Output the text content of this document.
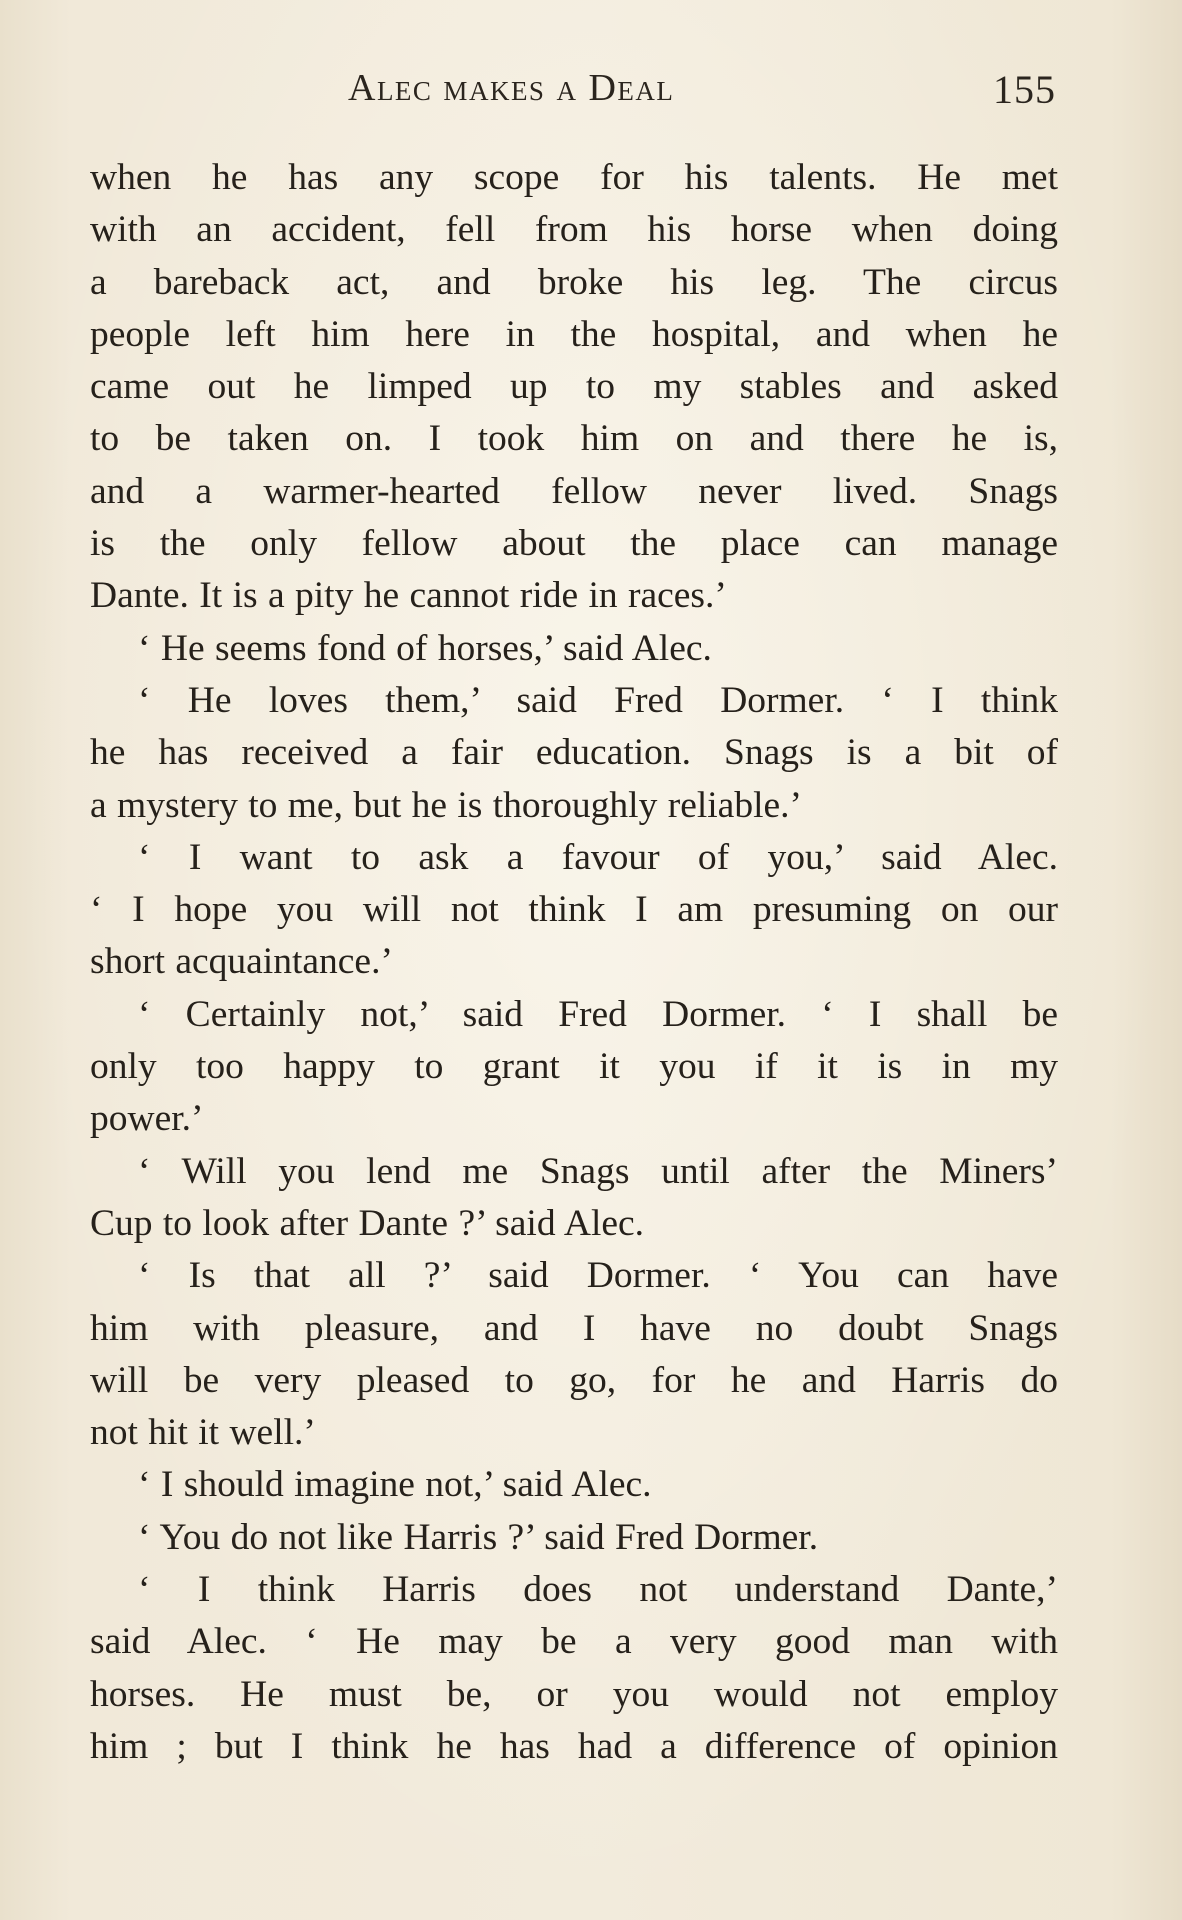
Alec makes a Deal	155
when he has any scope for his talents. He met
with an accident, fell from his horse when doing
a bareback act, and broke his leg. The circus
people left him here in the hospital, and when he
came out he limped up to my stables and asked
to be taken on. I took him on and there he is,
and a warmer-hearted fellow never lived. Snags
is the only fellow about the place can manage
Dante. It is a pity he cannot ride in races.’
‘ He seems fond of horses,’ said Alec.
‘ He loves them,’ said Fred Dormer. ‘ I think
he has received a fair education. Snags is a bit of
a mystery to me, but he is thoroughly reliable.’
‘ I want to ask a favour of you,’ said Alec.
‘ I hope you will not think I am presuming on our
short acquaintance.’
‘ Certainly not,’ said Fred Dormer. ‘ I shall be
only too happy to grant it you if it is in my
power.’
‘ Will you lend me Snags until after the Miners’
Cup to look after Dante ?’ said Alec.
‘ Is that all ?’ said Dormer. ‘ You can have
him with pleasure, and I have no doubt Snags
will be very pleased to go, for he and Harris do
not hit it well.’
‘ I should imagine not,’ said Alec.
‘ You do not like Harris ?’ said Fred Dormer.
‘ I think Harris does not understand Dante,’
said Alec. ‘ He may be a very good man with
horses. He must be, or you would not employ
him ; but I think he has had a difference of opinion
